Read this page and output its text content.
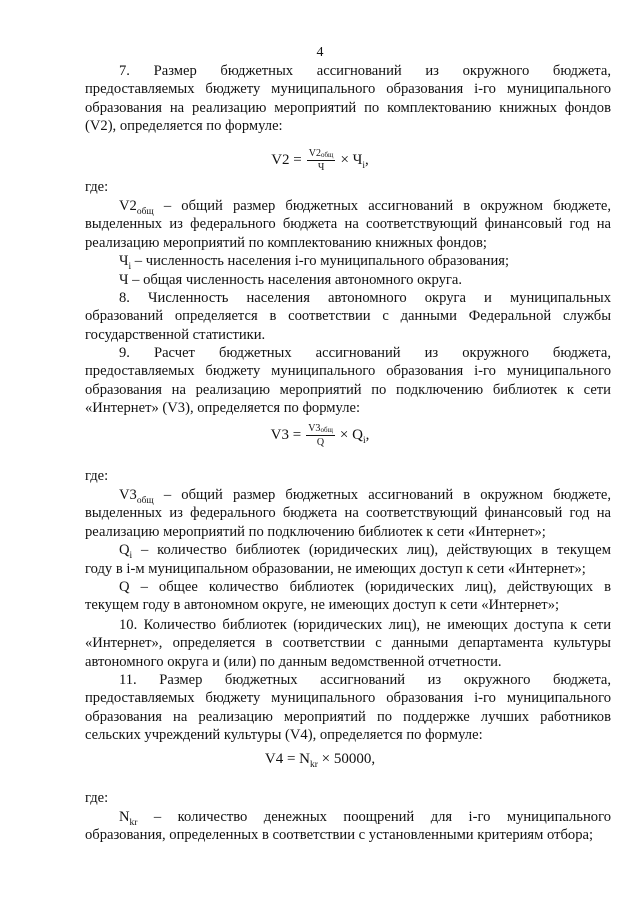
4
7. Размер бюджетных ассигнований из окружного бюджета,
предоставляемых бюджету муниципального образования i-го муниципального
образования на реализацию мероприятий по комплектованию книжных фондов
(V2), определяется по формуле:
$V2 = \frac{V2_{общ}}{Ч} \times Ч_i$,
где:
$V2_{общ}$ – общий размер бюджетных ассигнований в окружном бюджете,
выделенных из федерального бюджета на соответствующий финансовый год на
реализацию мероприятий по комплектованию книжных фондов;
$Ч_i$ – численность населения i-го муниципального образования;
Ч – общая численность населения автономного округа.
8. Численность населения автономного округа и муниципальных
образований определяется в соответствии с данными Федеральной службы
государственной статистики.
9. Расчет бюджетных ассигнований из окружного бюджета,
предоставляемых бюджету муниципального образования i-го муниципального
образования на реализацию мероприятий по подключению библиотек к сети
«Интернет» (V3), определяется по формуле:
$V3 = \frac{V3_{общ}}{Q} \times Q_i$,
где:
$V3_{общ}$ – общий размер бюджетных ассигнований в окружном бюджете,
выделенных из федерального бюджета на соответствующий финансовый год на
реализацию мероприятий по подключению библиотек к сети «Интернет»;
$Q_i$ – количество библиотек (юридических лиц), действующих в текущем
году в i-м муниципальном образовании, не имеющих доступ к сети «Интернет»;
Q – общее количество библиотек (юридических лиц), действующих в
текущем году в автономном округе, не имеющих доступ к сети «Интернет»;
10. Количество библиотек (юридических лиц), не имеющих доступа к сети
«Интернет», определяется в соответствии с данными департамента культуры
автономного округа и (или) по данным ведомственной отчетности.
11. Размер бюджетных ассигнований из окружного бюджета,
предоставляемых бюджету муниципального образования i-го муниципального
образования на реализацию мероприятий по поддержке лучших работников
сельских учреждений культуры (V4), определяется по формуле:
$V4 = N_{kr} \times 50000$,
где:
$N_{kr}$ – количество денежных поощрений для i-го муниципального
образования, определенных в соответствии с установленными критериям отбора;
